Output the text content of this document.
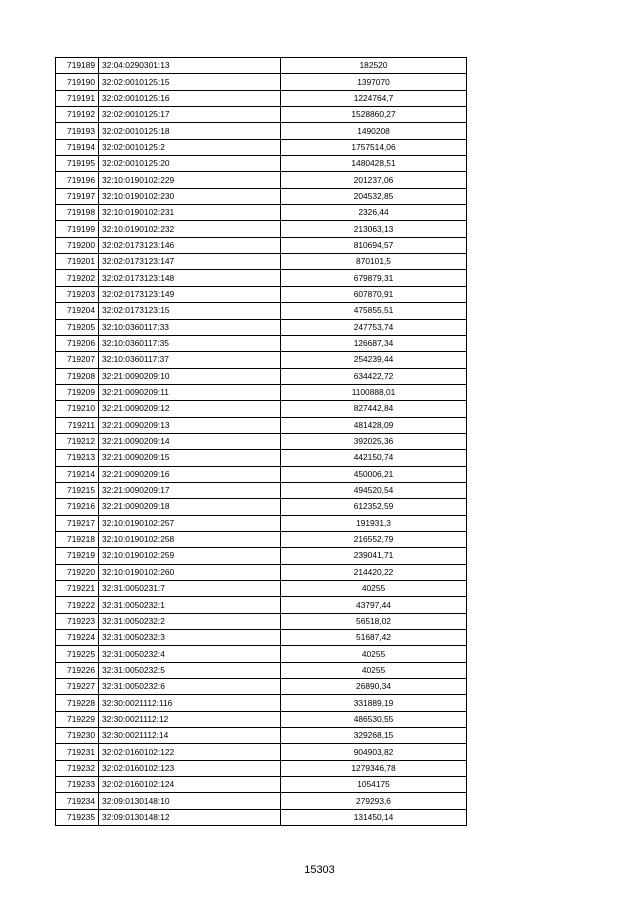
719189	32:04:0290301:13	182520
719190	32:02:0010125:15	1397070
719191	32:02:0010125:16	1224764,7
719192	32:02:0010125:17	1528860,27
719193	32:02:0010125:18	1490208
719194	32:02:0010125:2	1757514,06
719195	32:02:0010125:20	1480428,51
719196	32:10:0190102:229	201237,06
719197	32:10:0190102:230	204532,85
719198	32:10:0190102:231	2326,44
719199	32:10:0190102:232	213063,13
719200	32:02:0173123:146	810694,57
719201	32:02:0173123:147	870101,5
719202	32:02:0173123:148	679879,31
719203	32:02:0173123:149	607870,91
719204	32:02:0173123:15	475855,51
719205	32:10:0360117:33	247753,74
719206	32:10:0360117:35	126687,34
719207	32:10:0360117:37	254239,44
719208	32:21:0090209:10	634422,72
719209	32:21:0090209:11	1100888,01
719210	32:21:0090209:12	827442,84
719211	32:21:0090209:13	481428,09
719212	32:21:0090209:14	392025,36
719213	32:21:0090209:15	442150,74
719214	32:21:0090209:16	450006,21
719215	32:21:0090209:17	494520,54
719216	32:21:0090209:18	612352,59
719217	32:10:0190102:257	191931,3
719218	32:10:0190102:258	216552,79
719219	32:10:0190102:259	239041,71
719220	32:10:0190102:260	214420,22
719221	32:31:0050231:7	40255
719222	32:31:0050232:1	43797,44
719223	32:31:0050232:2	56518,02
719224	32:31:0050232:3	51687,42
719225	32:31:0050232:4	40255
719226	32:31:0050232:5	40255
719227	32:31:0050232:6	26890,34
719228	32:30:0021112:116	331889,19
719229	32:30:0021112:12	486530,55
719230	32:30:0021112:14	329268,15
719231	32:02:0160102:122	904903,82
719232	32:02:0160102:123	1279346,78
719233	32:02:0160102:124	1054175
719234	32:09:0130148:10	279293,6
719235	32:09:0130148:12	131450,14
15303
